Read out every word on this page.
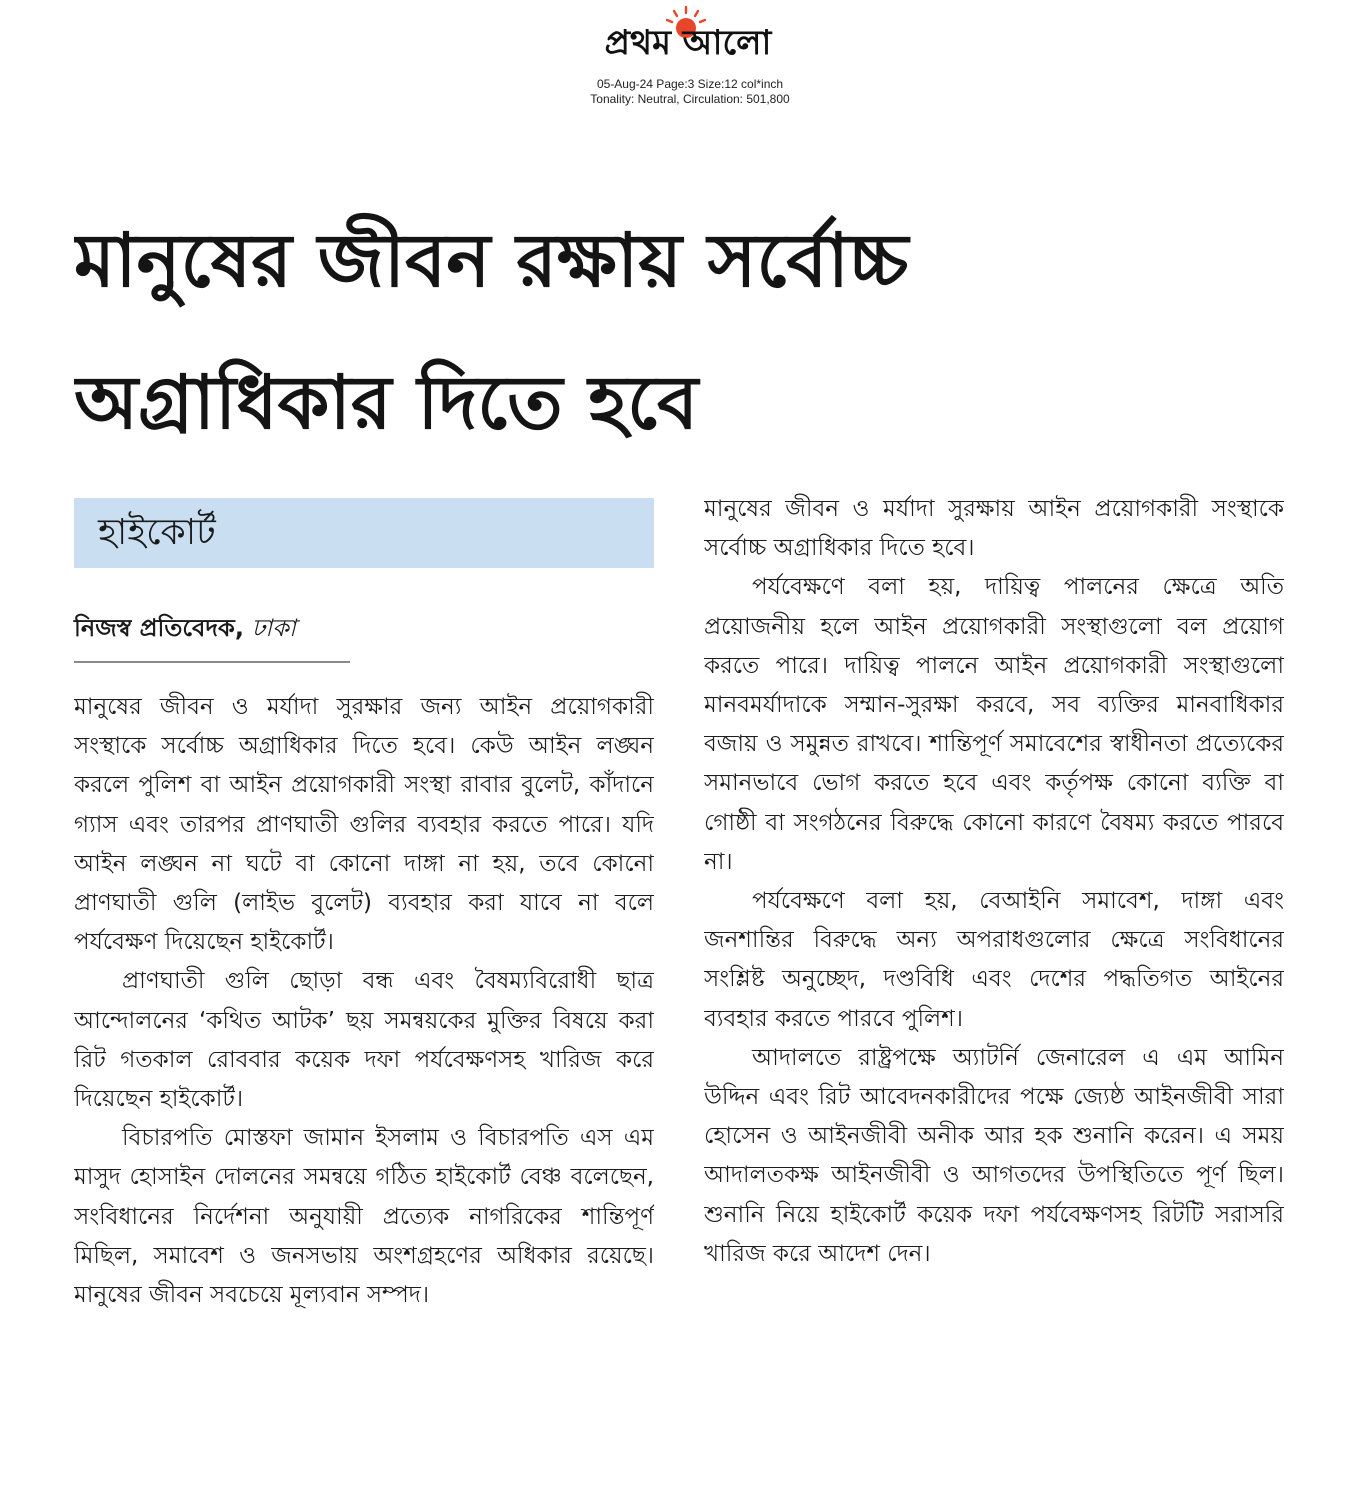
প্রথম আলো
05-Aug-24 Page:3 Size:12 col*inch
Tonality: Neutral, Circulation: 501,800
মানুষের জীবন রক্ষায় সর্বোচ্চ
অগ্রাধিকার দিতে হবে
হাইকোর্ট
নিজস্ব প্রতিবেদক, ঢাকা

মানুষের জীবন ও মর্যাদা সুরক্ষার জন্য আইন প্রয়োগকারী সংস্থাকে সর্বোচ্চ অগ্রাধিকার দিতে হবে। কেউ আইন লঙ্ঘন করলে পুলিশ বা আইন প্রয়োগকারী সংস্থা রাবার বুলেট, কাঁদানে গ্যাস এবং তারপর প্রাণঘাতী গুলির ব্যবহার করতে পারে। যদি আইন লঙ্ঘন না ঘটে বা কোনো দাঙ্গা না হয়, তবে কোনো প্রাণঘাতী গুলি (লাইভ বুলেট) ব্যবহার করা যাবে না বলে পর্যবেক্ষণ দিয়েছেন হাইকোর্ট।

প্রাণঘাতী গুলি ছোড়া বন্ধ এবং বৈষম্যবিরোধী ছাত্র আন্দোলনের ‘কথিত আটক’ ছয় সমন্বয়কের মুক্তির বিষয়ে করা রিট গতকাল রোববার কয়েক দফা পর্যবেক্ষণসহ খারিজ করে দিয়েছেন হাইকোর্ট।

বিচারপতি মোস্তফা জামান ইসলাম ও বিচারপতি এস এম মাসুদ হোসাইন দোলনের সমন্বয়ে গঠিত হাইকোর্ট বেঞ্চ বলেছেন, সংবিধানের নির্দেশনা অনুযায়ী প্রত্যেক নাগরিকের শান্তিপূর্ণ মিছিল, সমাবেশ ও জনসভায় অংশগ্রহণের অধিকার রয়েছে। মানুষের জীবন সবচেয়ে মূল্যবান সম্পদ।

মানুষের জীবন ও মর্যাদা সুরক্ষায় আইন প্রয়োগকারী সংস্থাকে সর্বোচ্চ অগ্রাধিকার দিতে হবে।

পর্যবেক্ষণে বলা হয়, দায়িত্ব পালনের ক্ষেত্রে অতি প্রয়োজনীয় হলে আইন প্রয়োগকারী সংস্থাগুলো বল প্রয়োগ করতে পারে। দায়িত্ব পালনে আইন প্রয়োগকারী সংস্থাগুলো মানবমর্যাদাকে সম্মান-সুরক্ষা করবে, সব ব্যক্তির মানবাধিকার বজায় ও সমুন্নত রাখবে। শান্তিপূর্ণ সমাবেশের স্বাধীনতা প্রত্যেকের সমানভাবে ভোগ করতে হবে এবং কর্তৃপক্ষ কোনো ব্যক্তি বা গোষ্ঠী বা সংগঠনের বিরুদ্ধে কোনো কারণে বৈষম্য করতে পারবে না।

পর্যবেক্ষণে বলা হয়, বেআইনি সমাবেশ, দাঙ্গা এবং জনশান্তির বিরুদ্ধে অন্য অপরাধগুলোর ক্ষেত্রে সংবিধানের সংশ্লিষ্ট অনুচ্ছেদ, দণ্ডবিধি এবং দেশের পদ্ধতিগত আইনের ব্যবহার করতে পারবে পুলিশ।

আদালতে রাষ্ট্রপক্ষে অ্যাটর্নি জেনারেল এ এম আমিন উদ্দিন এবং রিট আবেদনকারীদের পক্ষে জ্যেষ্ঠ আইনজীবী সারা হোসেন ও আইনজীবী অনীক আর হক শুনানি করেন। এ সময় আদালতকক্ষ আইনজীবী ও আগতদের উপস্থিতিতে পূর্ণ ছিল। শুনানি নিয়ে হাইকোর্ট কয়েক দফা পর্যবেক্ষণসহ রিটটি সরাসরি খারিজ করে আদেশ দেন।
